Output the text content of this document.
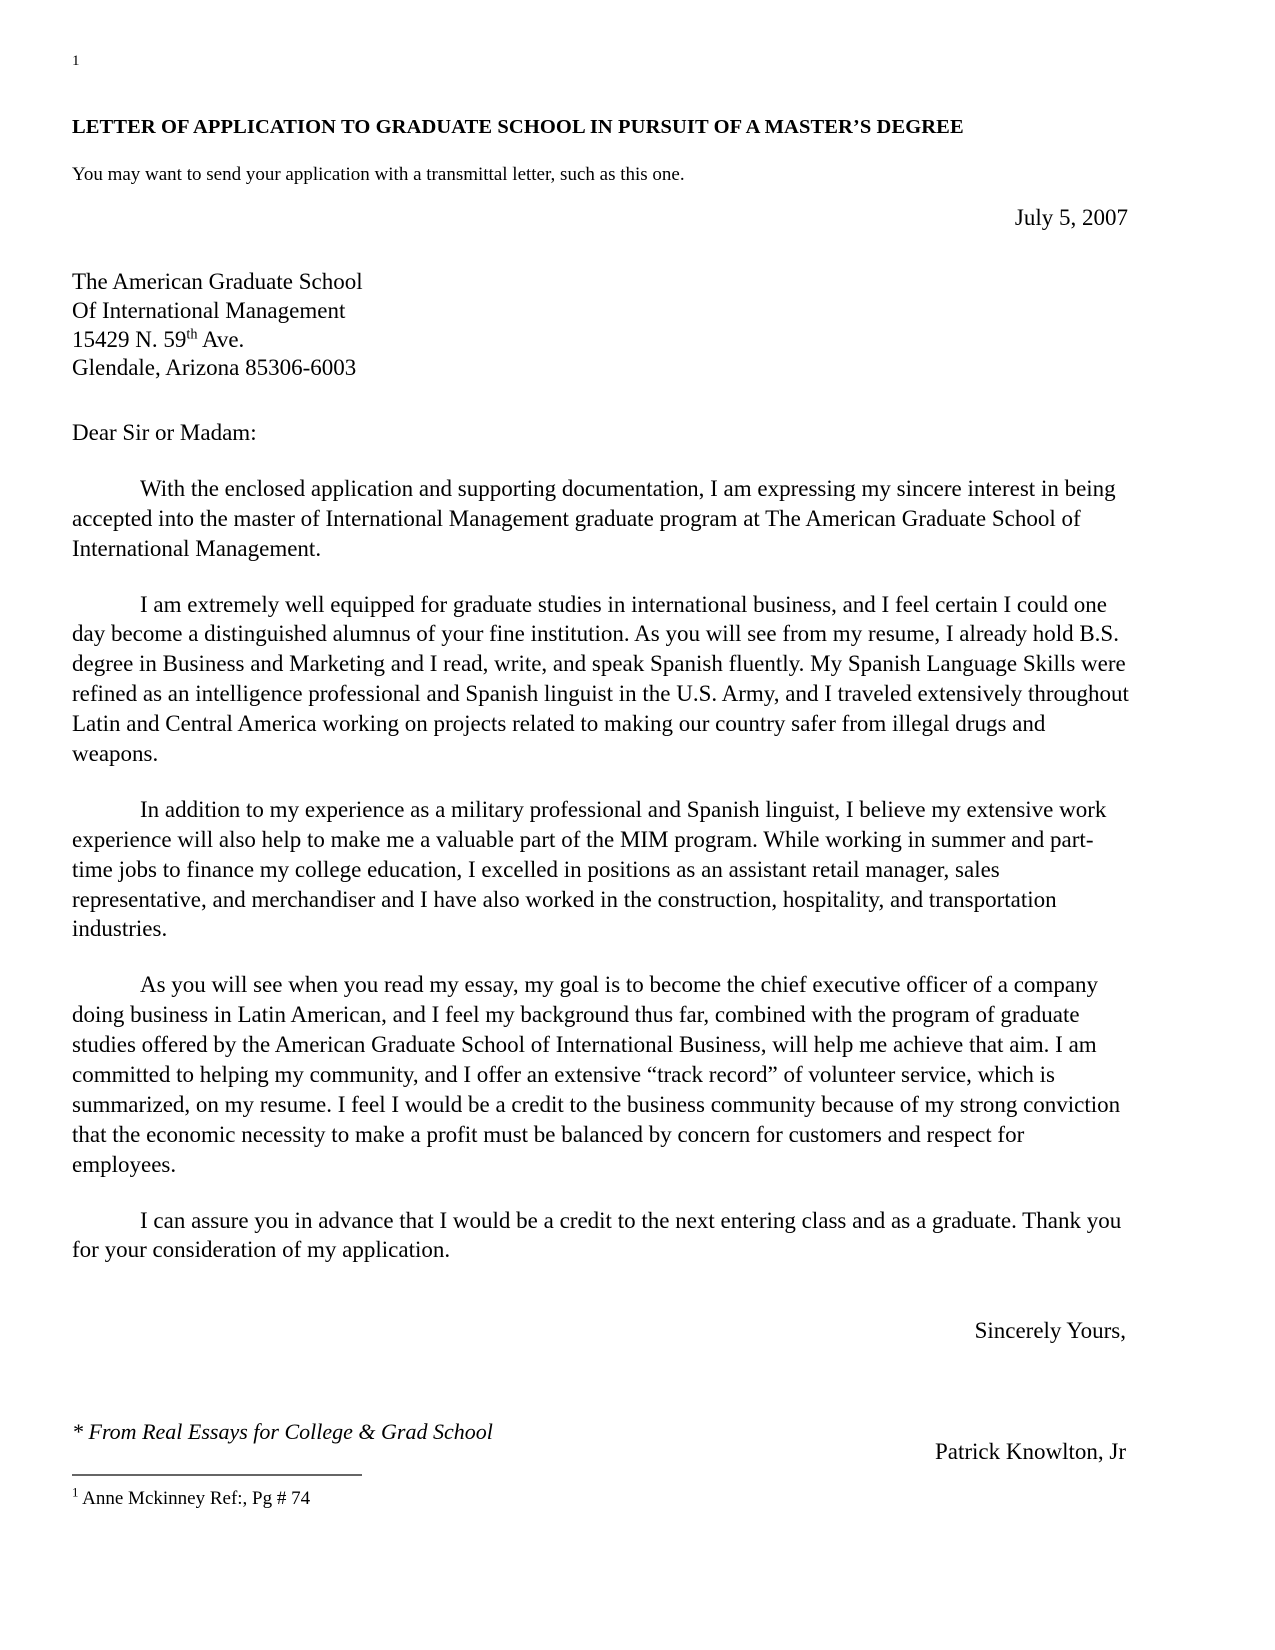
1
LETTER OF APPLICATION TO GRADUATE SCHOOL IN PURSUIT OF A MASTER’S DEGREE
You may want to send your application with a transmittal letter, such as this one.
July 5, 2007
The American Graduate School
Of International Management
15429 N. 59th Ave.
Glendale, Arizona 85306-6003
Dear Sir or Madam:
With the enclosed application and supporting documentation, I am expressing my sincere interest in being accepted into the master of International Management graduate program at The American Graduate School of International Management.
I am extremely well equipped for graduate studies in international business, and I feel certain I could one day become a distinguished alumnus of your fine institution. As you will see from my resume, I already hold B.S. degree in Business and Marketing and I read, write, and speak Spanish fluently. My Spanish Language Skills were refined as an intelligence professional and Spanish linguist in the U.S. Army, and I traveled extensively throughout Latin and Central America working on projects related to making our country safer from illegal drugs and weapons.
In addition to my experience as a military professional and Spanish linguist, I believe my extensive work experience will also help to make me a valuable part of the MIM program. While working in summer and part-time jobs to finance my college education, I excelled in positions as an assistant retail manager, sales representative, and merchandiser and I have also worked in the construction, hospitality, and transportation industries.
As you will see when you read my essay, my goal is to become the chief executive officer of a company doing business in Latin American, and I feel my background thus far, combined with the program of graduate studies offered by the American Graduate School of International Business, will help me achieve that aim. I am committed to helping my community, and I offer an extensive “track record” of volunteer service, which is summarized, on my resume. I feel I would be a credit to the business community because of my strong conviction that the economic necessity to make a profit must be balanced by concern for customers and respect for employees.
I can assure you in advance that I would be a credit to the next entering class and as a graduate. Thank you for your consideration of my application.
Sincerely Yours,
Patrick Knowlton, Jr
* From Real Essays for College & Grad School
$^1$ Anne Mckinney Ref:, Pg # 74
